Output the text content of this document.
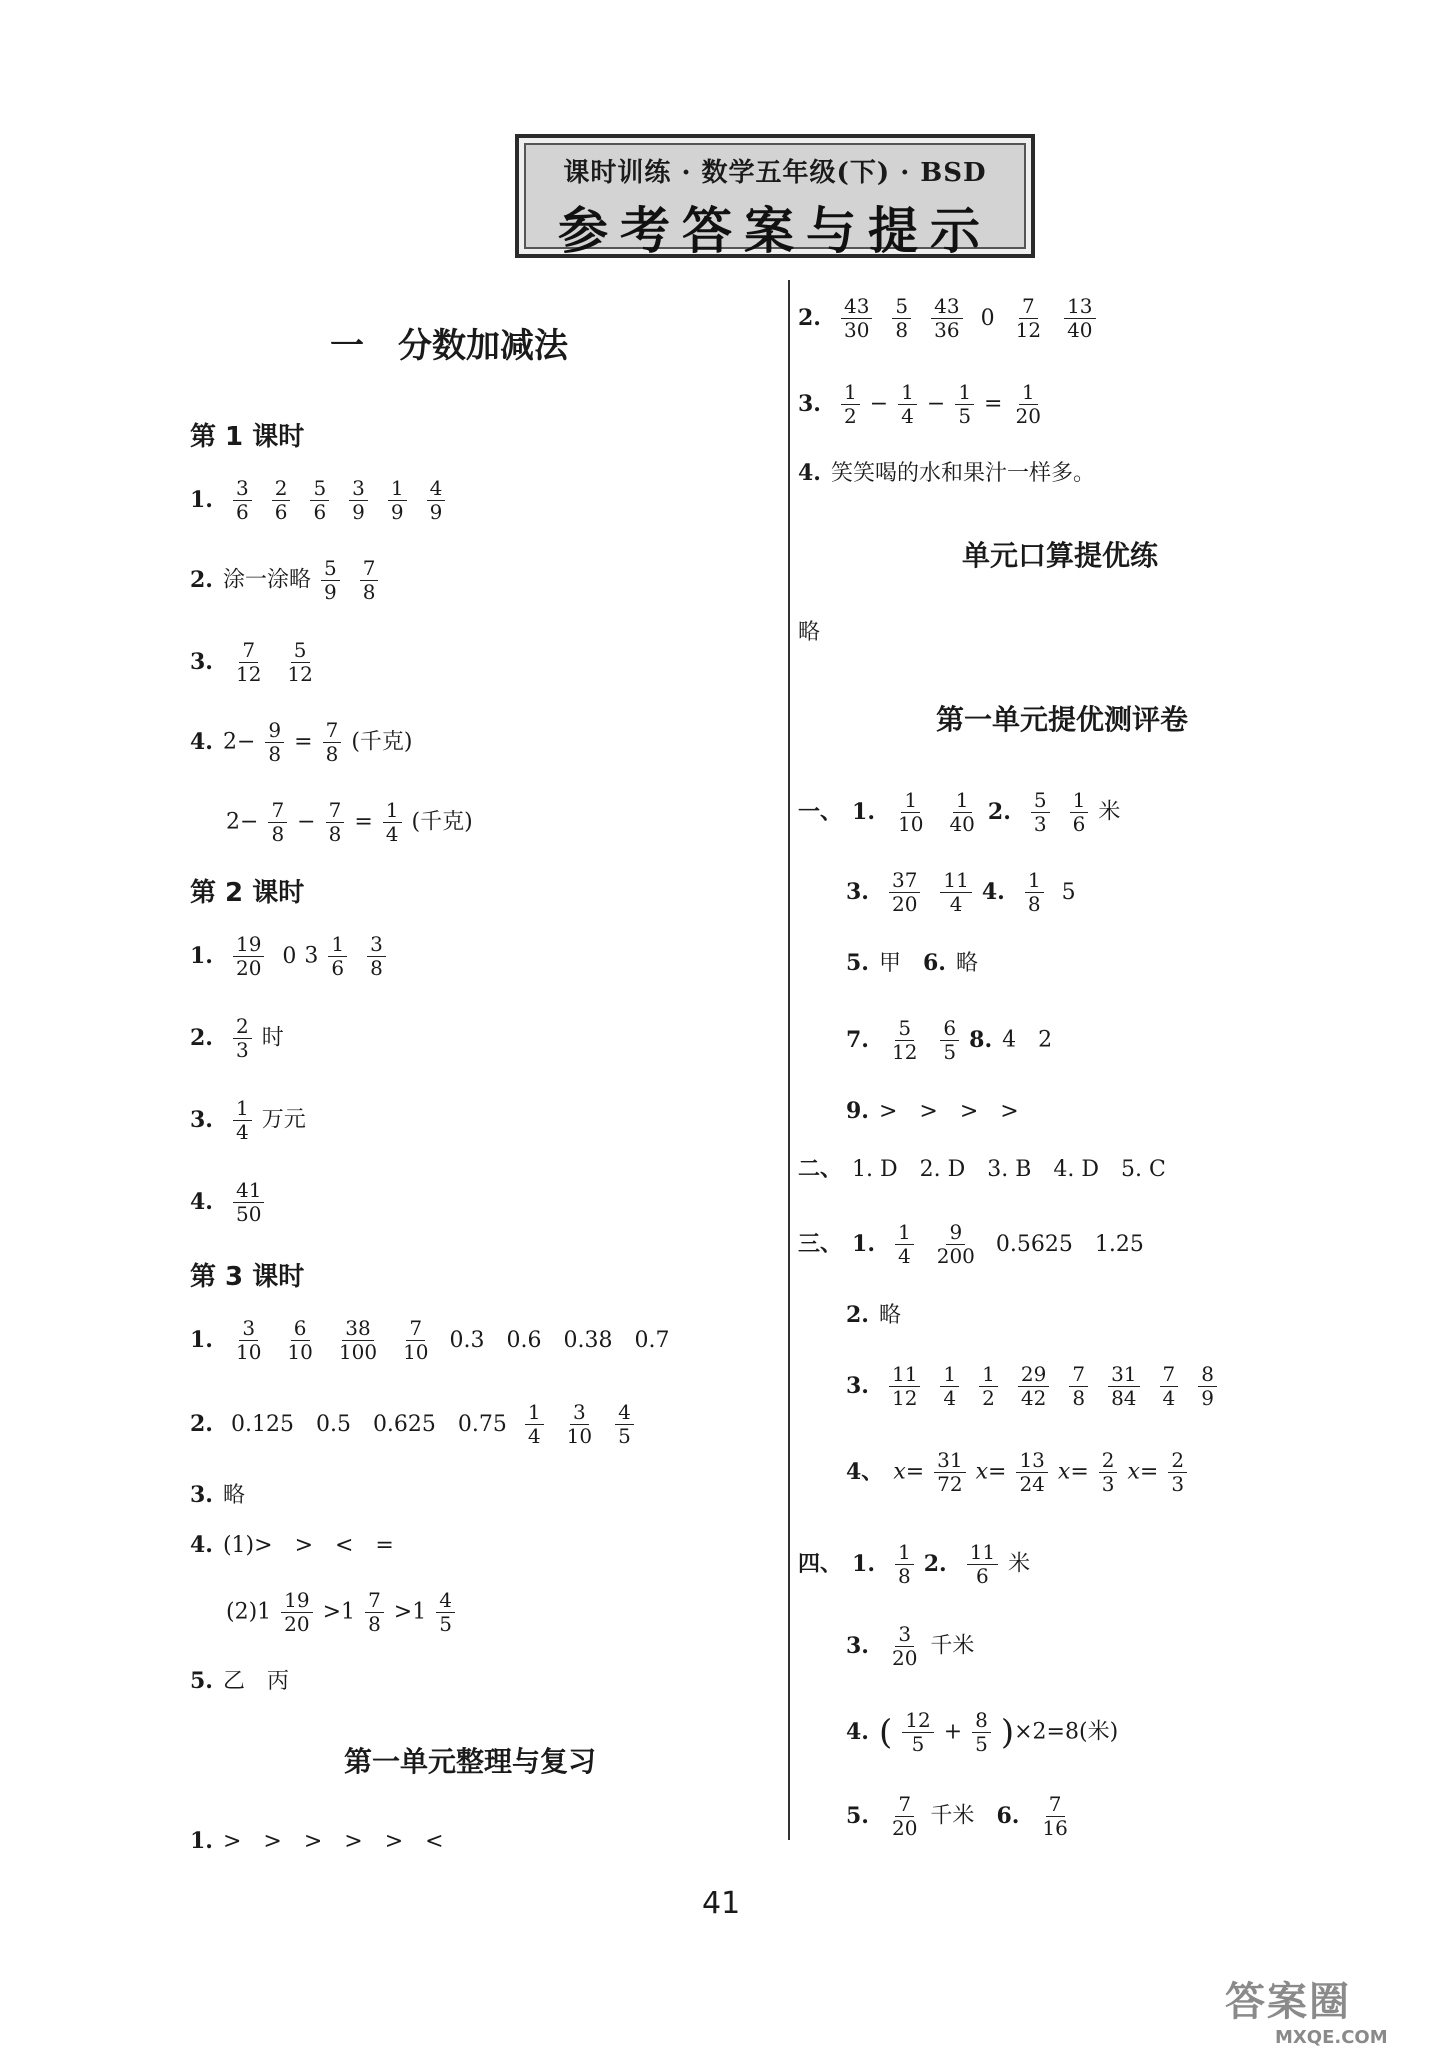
课时训练 · 数学五年级(下) · BSD
参考答案与提示
一　分数加减法
第 1 课时
1. $\frac{3}{6} \frac{2}{6} \frac{5}{6} \frac{3}{9} \frac{1}{9} \frac{4}{9}$
2. 涂一涂略 $\frac{5}{9} \frac{7}{8}$
3. $\frac{7}{12} \frac{5}{12}$
4. $2- \frac{9}{8} = \frac{7}{8}$ (千克)
$2- \frac{7}{8} - \frac{7}{8} = \frac{1}{4}$ (千克)
第 2 课时
1. $\frac{19}{20} 0$ $3 \frac{1}{6} \frac{3}{8}$
2. $\frac{2}{3}$ 时
3. $\frac{1}{4}$ 万元
4. $\frac{41}{50}$
第 3 课时
1. $\frac{3}{10} \frac{6}{10} \frac{38}{100} \frac{7}{10} 0.3$　0.6　0.38　0.7
2. 0.125　0.5　0.625　$0.75 \frac{1}{4} \frac{3}{10} \frac{4}{5}$
3. 略
4. (1)>　>　<　=
$(2)1 \frac{19}{20} >1 \frac{7}{8} >1 \frac{4}{5}$
5. 乙　丙
第一单元整理与复习
1. >　>　>　>　>　<
2. $\frac{43}{30} \frac{5}{8} \frac{43}{36} 0 \frac{7}{12} \frac{13}{40}$
3. $\frac{1}{2} - \frac{1}{4} - \frac{1}{5} = \frac{1}{20}$
4. 笑笑喝的水和果汁一样多。
单元口算提优练
略
第一单元提优测评卷
一、 1. $\frac{1}{10} \frac{1}{40} 2$. $\frac{5}{3} \frac{1}{6}$ 米
3. $\frac{37}{20} \frac{11}{4} 4$. $\frac{1}{8} 5$
5. 甲　 6. 略
7. $\frac{5}{12} \frac{6}{5} 8$. 4　2
9. >　>　>　>
二、 1. D　2. D　3. B　4. D　5. C
三、 1. $\frac{1}{4} \frac{9}{200} 0.5625$　1.25
2. 略
3. $\frac{11}{12} \frac{1}{4} \frac{1}{2} \frac{29}{42} \frac{7}{8} \frac{31}{84} \frac{7}{4} \frac{8}{9}$
4、 $x= \frac{31}{72} x= \frac{13}{24} x= \frac{2}{3} x= \frac{2}{3}$
四、 1. $\frac{1}{8} 2$. $\frac{11}{6}$ 米
3. $\frac{3}{20}$ 千米
4. ( $\frac{12}{5} + \frac{8}{5} )\times 2=8$(米)
5. $\frac{7}{20}$ 千米　 6. $\frac{7}{16}$
41
答案圈
MXQE.COM
